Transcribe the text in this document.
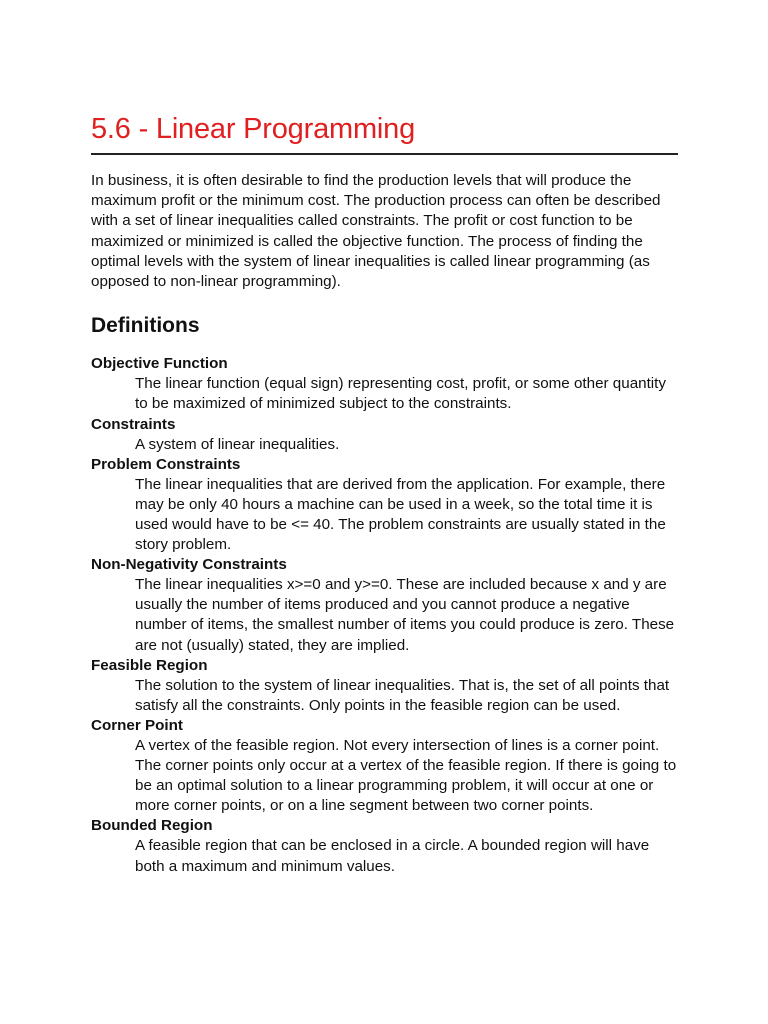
5.6 - Linear Programming

In business, it is often desirable to find the production levels that will produce the maximum profit or the minimum cost. The production process can often be described with a set of linear inequalities called constraints. The profit or cost function to be maximized or minimized is called the objective function. The process of finding the optimal levels with the system of linear inequalities is called linear programming (as opposed to non-linear programming).

Definitions
Objective Function
The linear function (equal sign) representing cost, profit, or some other quantity to be maximized of minimized subject to the constraints.
Constraints
A system of linear inequalities.
Problem Constraints
The linear inequalities that are derived from the application. For example, there may be only 40 hours a machine can be used in a week, so the total time it is used would have to be <= 40. The problem constraints are usually stated in the story problem.
Non-Negativity Constraints
The linear inequalities x>=0 and y>=0. These are included because x and y are usually the number of items produced and you cannot produce a negative number of items, the smallest number of items you could produce is zero. These are not (usually) stated, they are implied.
Feasible Region
The solution to the system of linear inequalities. That is, the set of all points that satisfy all the constraints. Only points in the feasible region can be used.
Corner Point
A vertex of the feasible region. Not every intersection of lines is a corner point. The corner points only occur at a vertex of the feasible region. If there is going to be an optimal solution to a linear programming problem, it will occur at one or more corner points, or on a line segment between two corner points.
Bounded Region
A feasible region that can be enclosed in a circle. A bounded region will have both a maximum and minimum values.
